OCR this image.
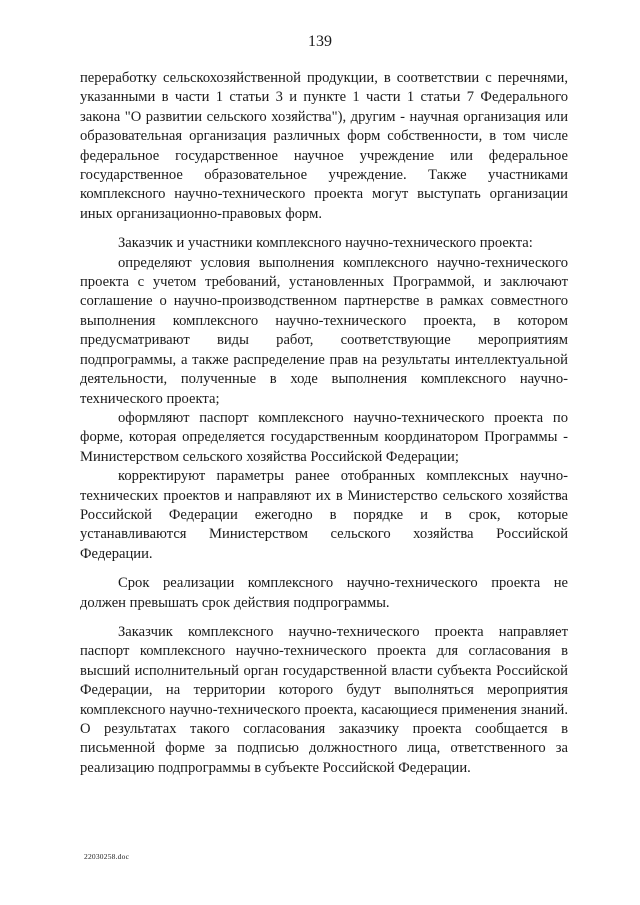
139

переработку сельскохозяйственной продукции, в соответствии с перечнями, указанными в части 1 статьи 3 и пункте 1 части 1 статьи 7 Федерального закона "О развитии сельского хозяйства"), другим - научная организация или образовательная организация различных форм собственности, в том числе федеральное государственное научное учреждение или федеральное государственное образовательное учреждение. Также участниками комплексного научно-технического проекта могут выступать организации иных организационно-правовых форм.

Заказчик и участники комплексного научно-технического проекта:

определяют условия выполнения комплексного научно-технического проекта с учетом требований, установленных Программой, и заключают соглашение о научно-производственном партнерстве в рамках совместного выполнения комплексного научно-технического проекта, в котором предусматривают виды работ, соответствующие мероприятиям подпрограммы, а также распределение прав на результаты интеллектуальной деятельности, полученные в ходе выполнения комплексного научно-технического проекта;

оформляют паспорт комплексного научно-технического проекта по форме, которая определяется государственным координатором Программы - Министерством сельского хозяйства Российской Федерации;

корректируют параметры ранее отобранных комплексных научно-технических проектов и направляют их в Министерство сельского хозяйства Российской Федерации ежегодно в порядке и в срок, которые устанавливаются Министерством сельского хозяйства Российской Федерации.

Срок реализации комплексного научно-технического проекта не должен превышать срок действия подпрограммы.

Заказчик комплексного научно-технического проекта направляет паспорт комплексного научно-технического проекта для согласования в высший исполнительный орган государственной власти субъекта Российской Федерации, на территории которого будут выполняться мероприятия комплексного научно-технического проекта, касающиеся применения знаний. О результатах такого согласования заказчику проекта сообщается в письменной форме за подписью должностного лица, ответственного за реализацию подпрограммы в субъекте Российской Федерации.

22030258.doc
